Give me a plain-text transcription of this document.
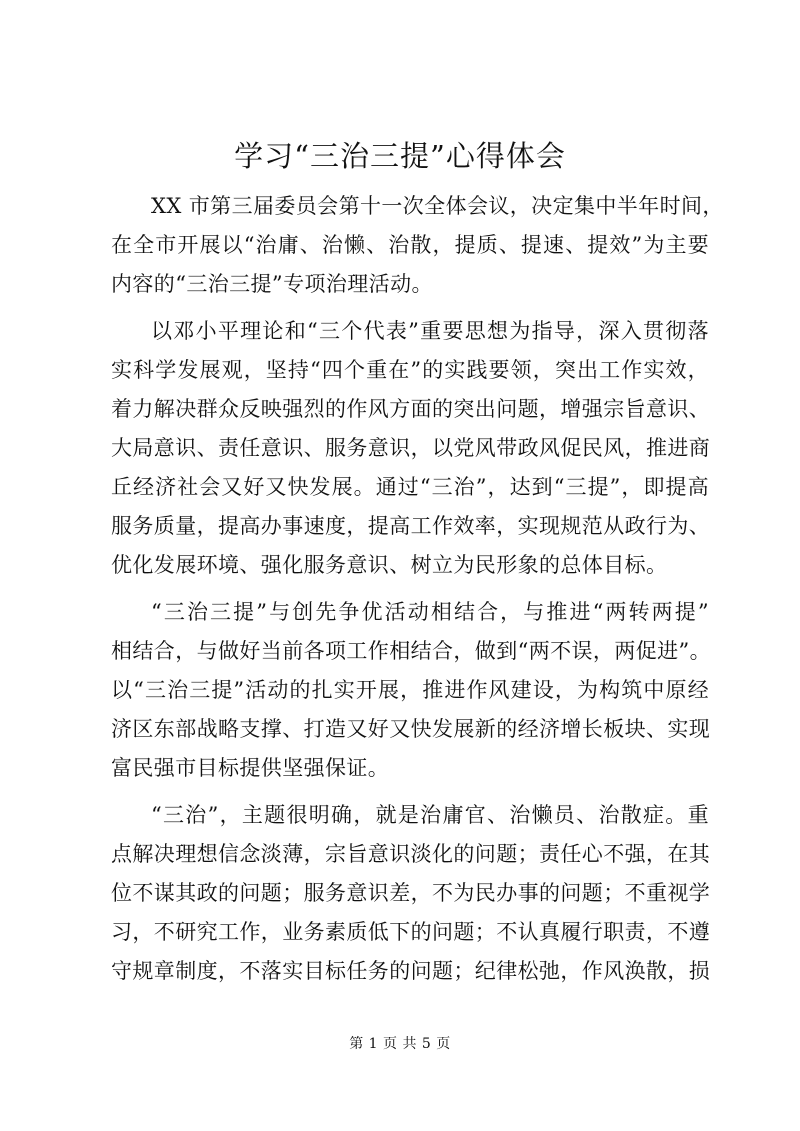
学习“三治三提”心得体会
XX 市第三届委员会第十一次全体会议，决定集中半年时间，
在全市开展以“治庸、治懒、治散，提质、提速、提效”为主要
内容的“三治三提”专项治理活动。
以邓小平理论和“三个代表”重要思想为指导，深入贯彻落
实科学发展观，坚持“四个重在”的实践要领，突出工作实效，
着力解决群众反映强烈的作风方面的突出问题，增强宗旨意识、
大局意识、责任意识、服务意识，以党风带政风促民风，推进商
丘经济社会又好又快发展。通过“三治”，达到“三提”，即提高
服务质量，提高办事速度，提高工作效率，实现规范从政行为、
优化发展环境、强化服务意识、树立为民形象的总体目标。
“三治三提”与创先争优活动相结合，与推进“两转两提”
相结合，与做好当前各项工作相结合，做到“两不误，两促进”。
以“三治三提”活动的扎实开展，推进作风建设，为构筑中原经
济区东部战略支撑、打造又好又快发展新的经济增长板块、实现
富民强市目标提供坚强保证。
“三治”，主题很明确，就是治庸官、治懒员、治散症。重
点解决理想信念淡薄，宗旨意识淡化的问题；责任心不强，在其
位不谋其政的问题；服务意识差，不为民办事的问题；不重视学
习，不研究工作，业务素质低下的问题；不认真履行职责，不遵
守规章制度，不落实目标任务的问题；纪律松弛，作风涣散，损
第 1 页 共 5 页
